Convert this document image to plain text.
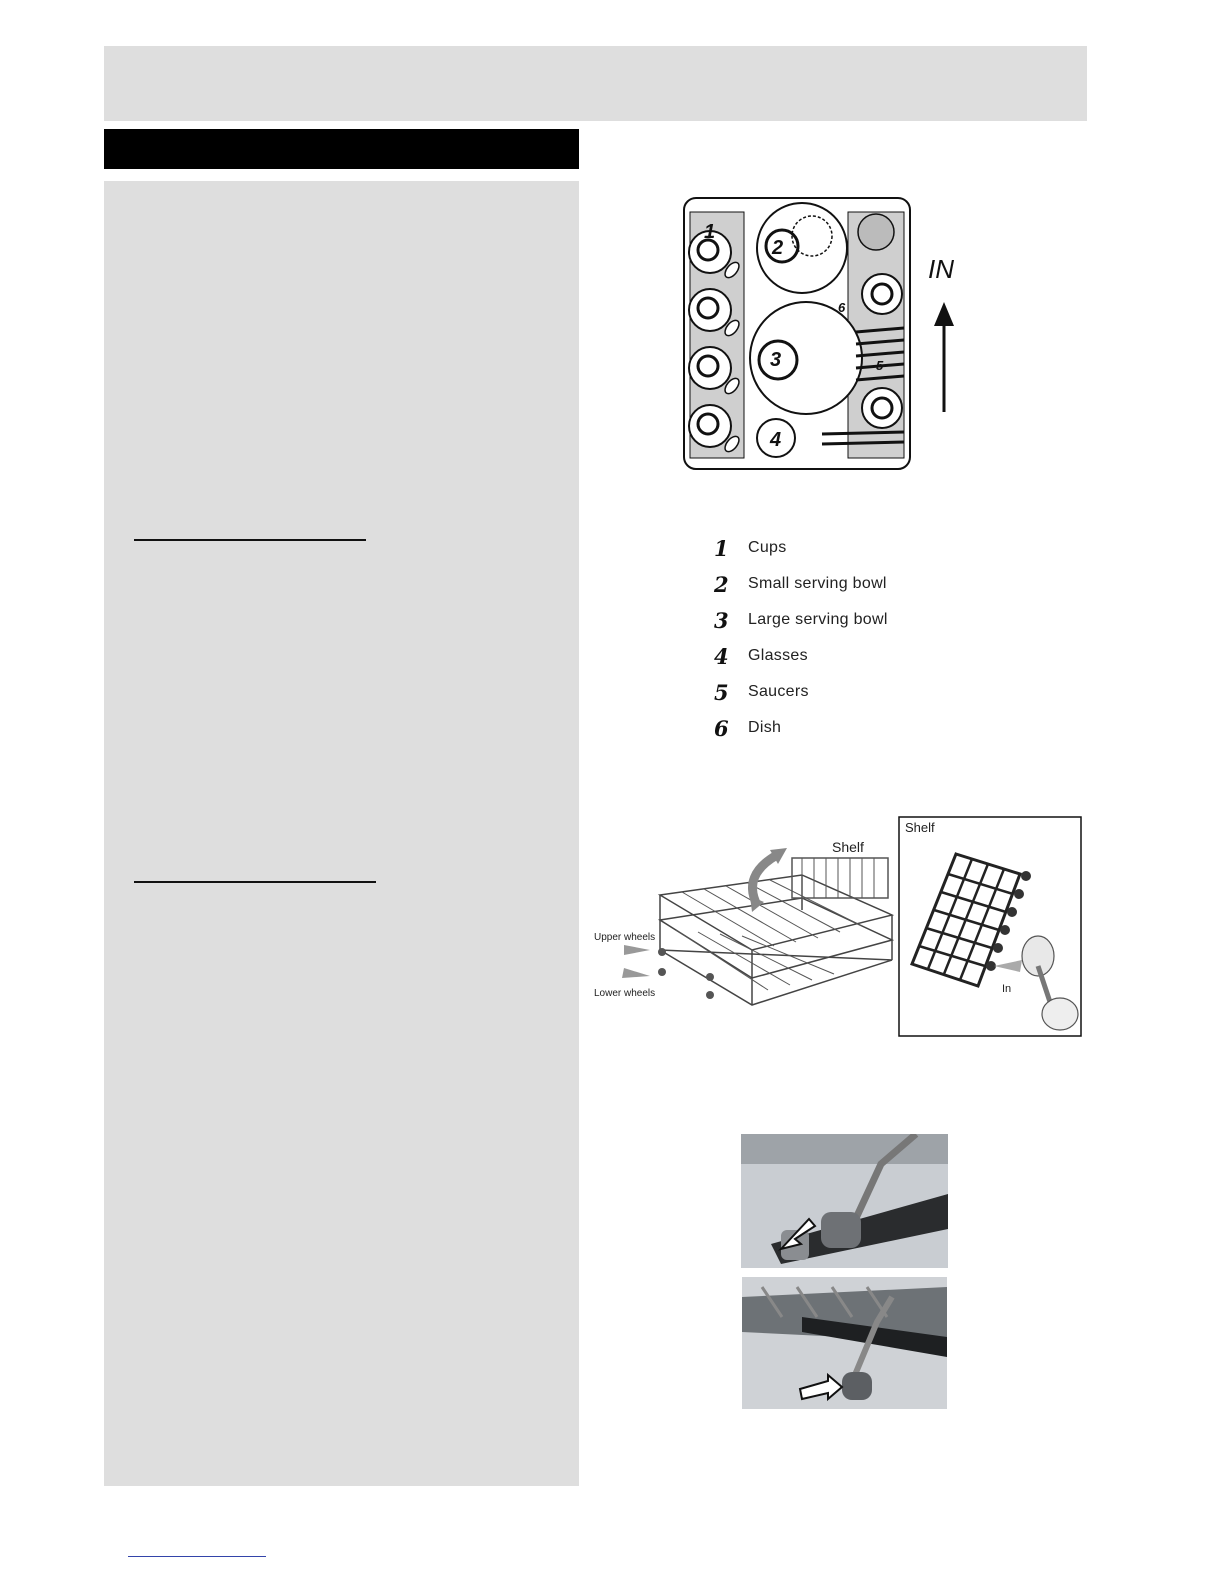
1
2
3
4
5
6
IN
1	Cups
2	Small serving bowl
3	Large serving bowl
4	Glasses
5	Saucers
6	Dish
Shelf
Upper wheels
Lower wheels
Shelf
In
